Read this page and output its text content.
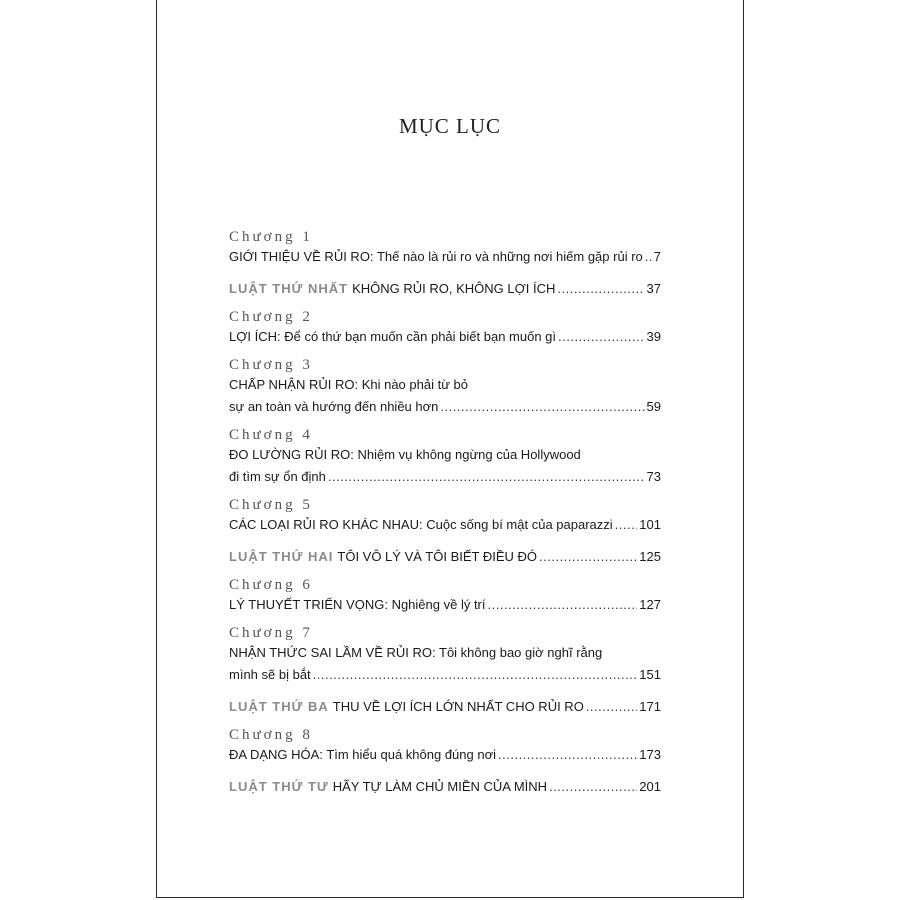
MỤC LỤC
Chương 1
GIỚI THIỆU VỀ RỦI RO: Thế nào là rủi ro và những nơi hiếm gặp rủi ro ..... 7
LUẬT THỨ NHẤT KHÔNG RỦI RO, KHÔNG LỢI ÍCH .....	37
Chương 2
LỢI ÍCH: Để có thứ bạn muốn cần phải biết bạn muốn gì .....	39
Chương 3
CHẤP NHẬN RỦI RO: Khi nào phải từ bỏ
sự an toàn và hướng đến nhiều hơn .....	59
Chương 4
ĐO LƯỜNG RỦI RO: Nhiệm vụ không ngừng của Hollywood
đi tìm sự ổn định .....	73
Chương 5
CÁC LOẠI RỦI RO KHÁC NHAU: Cuộc sống bí mật của paparazzi ..... 101
LUẬT THỨ HAI TÔI VÔ LÝ VÀ TÔI BIẾT ĐIỀU ĐÓ .....	125
Chương 6
LÝ THUYẾT TRIỂN VỌNG: Nghiêng về lý trí .....	127
Chương 7
NHẬN THỨC SAI LẦM VỀ RỦI RO: Tôi không bao giờ nghĩ rằng
mình sẽ bị bắt .....	151
LUẬT THỨ BA THU VỀ LỢI ÍCH LỚN NHẤT CHO RỦI RO .....	171
Chương 8
ĐA DẠNG HÓA: Tìm hiểu quá không đúng nơi .....	173
LUẬT THỨ TƯ HÃY TỰ LÀM CHỦ MIỀN CỦA MÌNH .....	201
